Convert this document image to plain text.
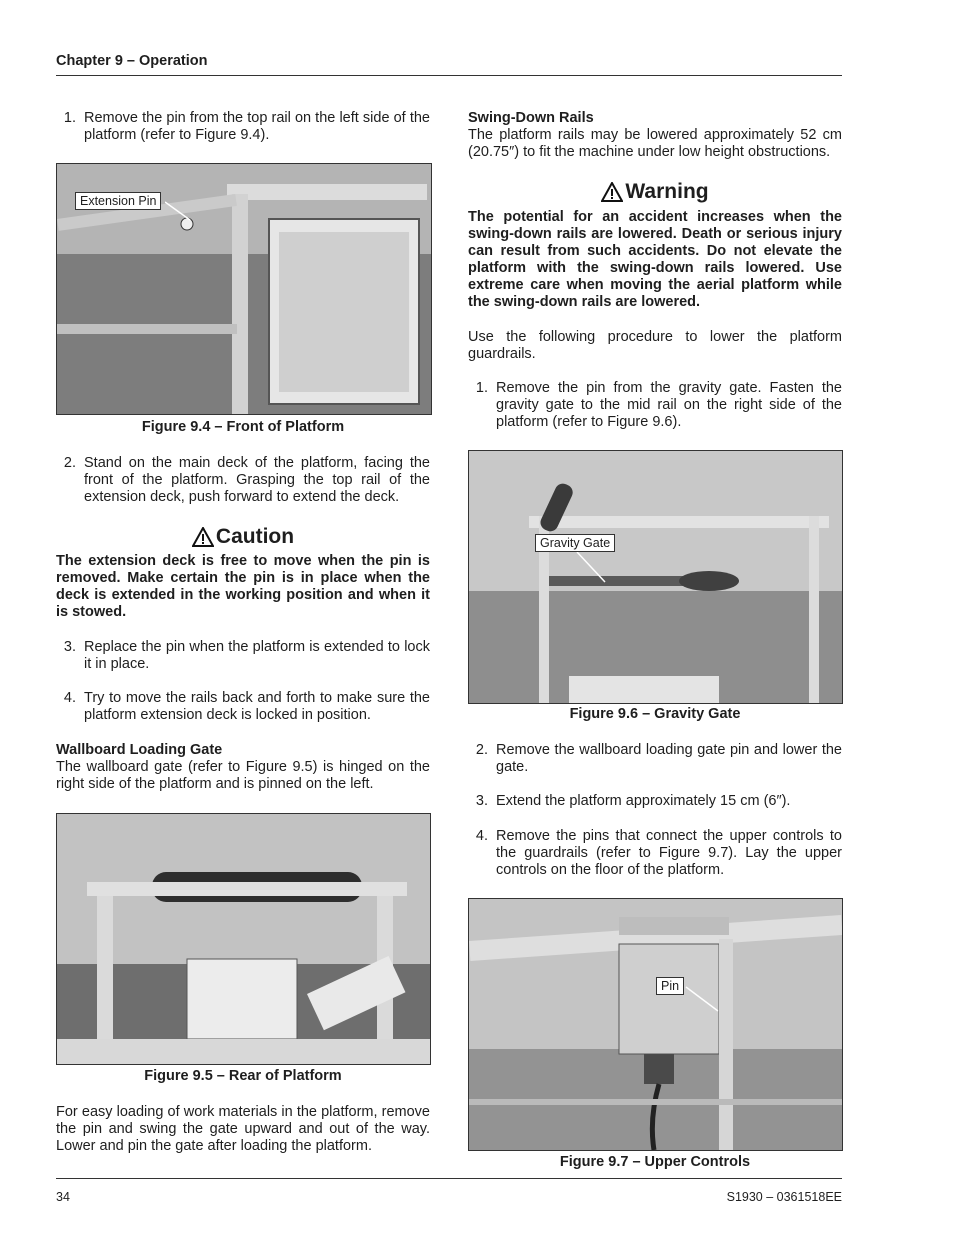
Chapter 9 – Operation
1. Remove the pin from the top rail on the left side of the platform (refer to Figure 9.4).
Extension Pin
Figure 9.4 – Front of Platform
2. Stand on the main deck of the platform, facing the front of the platform. Grasping the top rail of the extension deck, push forward to extend the deck.
Caution
The extension deck is free to move when the pin is removed. Make certain the pin is in place when the deck is extended in the working position and when it is stowed.
3. Replace the pin when the platform is extended to lock it in place.
4. Try to move the rails back and forth to make sure the platform extension deck is locked in position.
Wallboard Loading Gate
The wallboard gate (refer to Figure 9.5) is hinged on the right side of the platform and is pinned on the left.
Figure 9.5 – Rear of Platform
For easy loading of work materials in the platform, remove the pin and swing the gate upward and out of the way. Lower and pin the gate after loading the platform.
Swing-Down Rails
The platform rails may be lowered approximately 52 cm (20.75″) to fit the machine under low height obstructions.
Warning
The potential for an accident increases when the swing-down rails are lowered. Death or serious injury can result from such accidents. Do not elevate the platform with the swing-down rails lowered. Use extreme care when moving the aerial platform while the swing-down rails are lowered.
Use the following procedure to lower the platform guardrails.
1. Remove the pin from the gravity gate. Fasten the gravity gate to the mid rail on the right side of the platform (refer to Figure 9.6).
Gravity Gate
Figure 9.6 – Gravity Gate
2. Remove the wallboard loading gate pin and lower the gate.
3. Extend the platform approximately 15 cm (6″).
4. Remove the pins that connect the upper controls to the guardrails (refer to Figure 9.7). Lay the upper controls on the floor of the platform.
Pin
Figure 9.7 – Upper Controls
34	S1930 – 0361518EE
